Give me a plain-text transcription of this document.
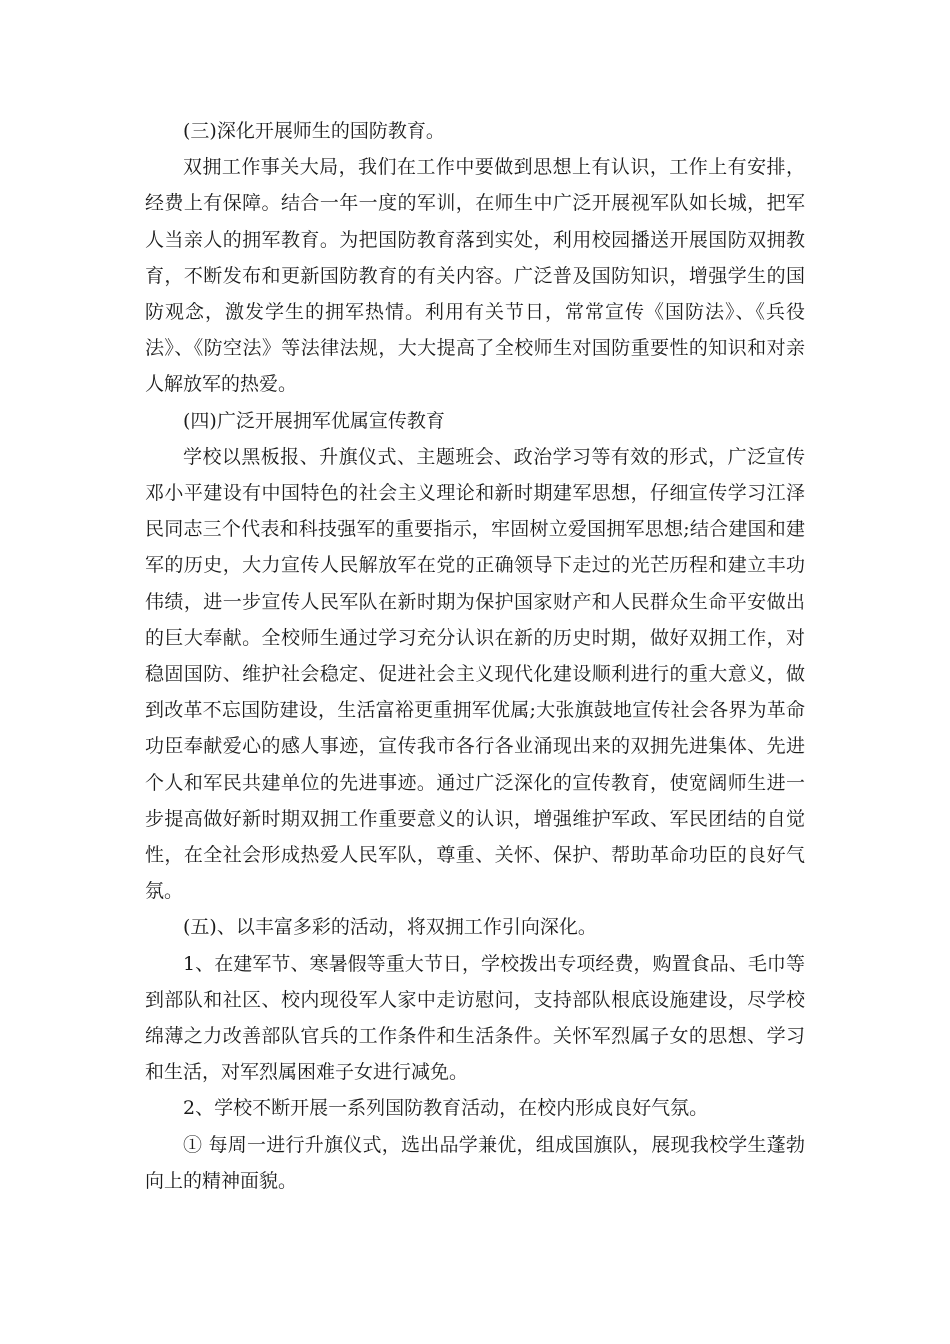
(三)深化开展师生的国防教育。

双拥工作事关大局，我们在工作中要做到思想上有认识，工作上有安排，经费上有保障。结合一年一度的军训，在师生中广泛开展视军队如长城，把军人当亲人的拥军教育。为把国防教育落到实处，利用校园播送开展国防双拥教育，不断发布和更新国防教育的有关内容。广泛普及国防知识，增强学生的国防观念，激发学生的拥军热情。利用有关节日，常常宣传《国防法》、《兵役法》、《防空法》等法律法规，大大提高了全校师生对国防重要性的知识和对亲人解放军的热爱。

(四)广泛开展拥军优属宣传教育

学校以黑板报、升旗仪式、主题班会、政治学习等有效的形式，广泛宣传邓小平建设有中国特色的社会主义理论和新时期建军思想，仔细宣传学习江泽民同志三个代表和科技强军的重要指示，牢固树立爱国拥军思想;结合建国和建军的历史，大力宣传人民解放军在党的正确领导下走过的光芒历程和建立丰功伟绩，进一步宣传人民军队在新时期为保护国家财产和人民群众生命平安做出的巨大奉献。全校师生通过学习充分认识在新的历史时期，做好双拥工作，对稳固国防、维护社会稳定、促进社会主义现代化建设顺利进行的重大意义，做到改革不忘国防建设，生活富裕更重拥军优属;大张旗鼓地宣传社会各界为革命功臣奉献爱心的感人事迹，宣传我市各行各业涌现出来的双拥先进集体、先进个人和军民共建单位的先进事迹。通过广泛深化的宣传教育，使宽阔师生进一步提高做好新时期双拥工作重要意义的认识，增强维护军政、军民团结的自觉性，在全社会形成热爱人民军队，尊重、关怀、保护、帮助革命功臣的良好气氛。

(五)、以丰富多彩的活动，将双拥工作引向深化。

1、在建军节、寒暑假等重大节日，学校拨出专项经费，购置食品、毛巾等到部队和社区、校内现役军人家中走访慰问，支持部队根底设施建设，尽学校绵薄之力改善部队官兵的工作条件和生活条件。关怀军烈属子女的思想、学习和生活，对军烈属困难子女进行减免。

2、学校不断开展一系列国防教育活动，在校内形成良好气氛。

① 每周一进行升旗仪式，选出品学兼优，组成国旗队，展现我校学生蓬勃向上的精神面貌。
